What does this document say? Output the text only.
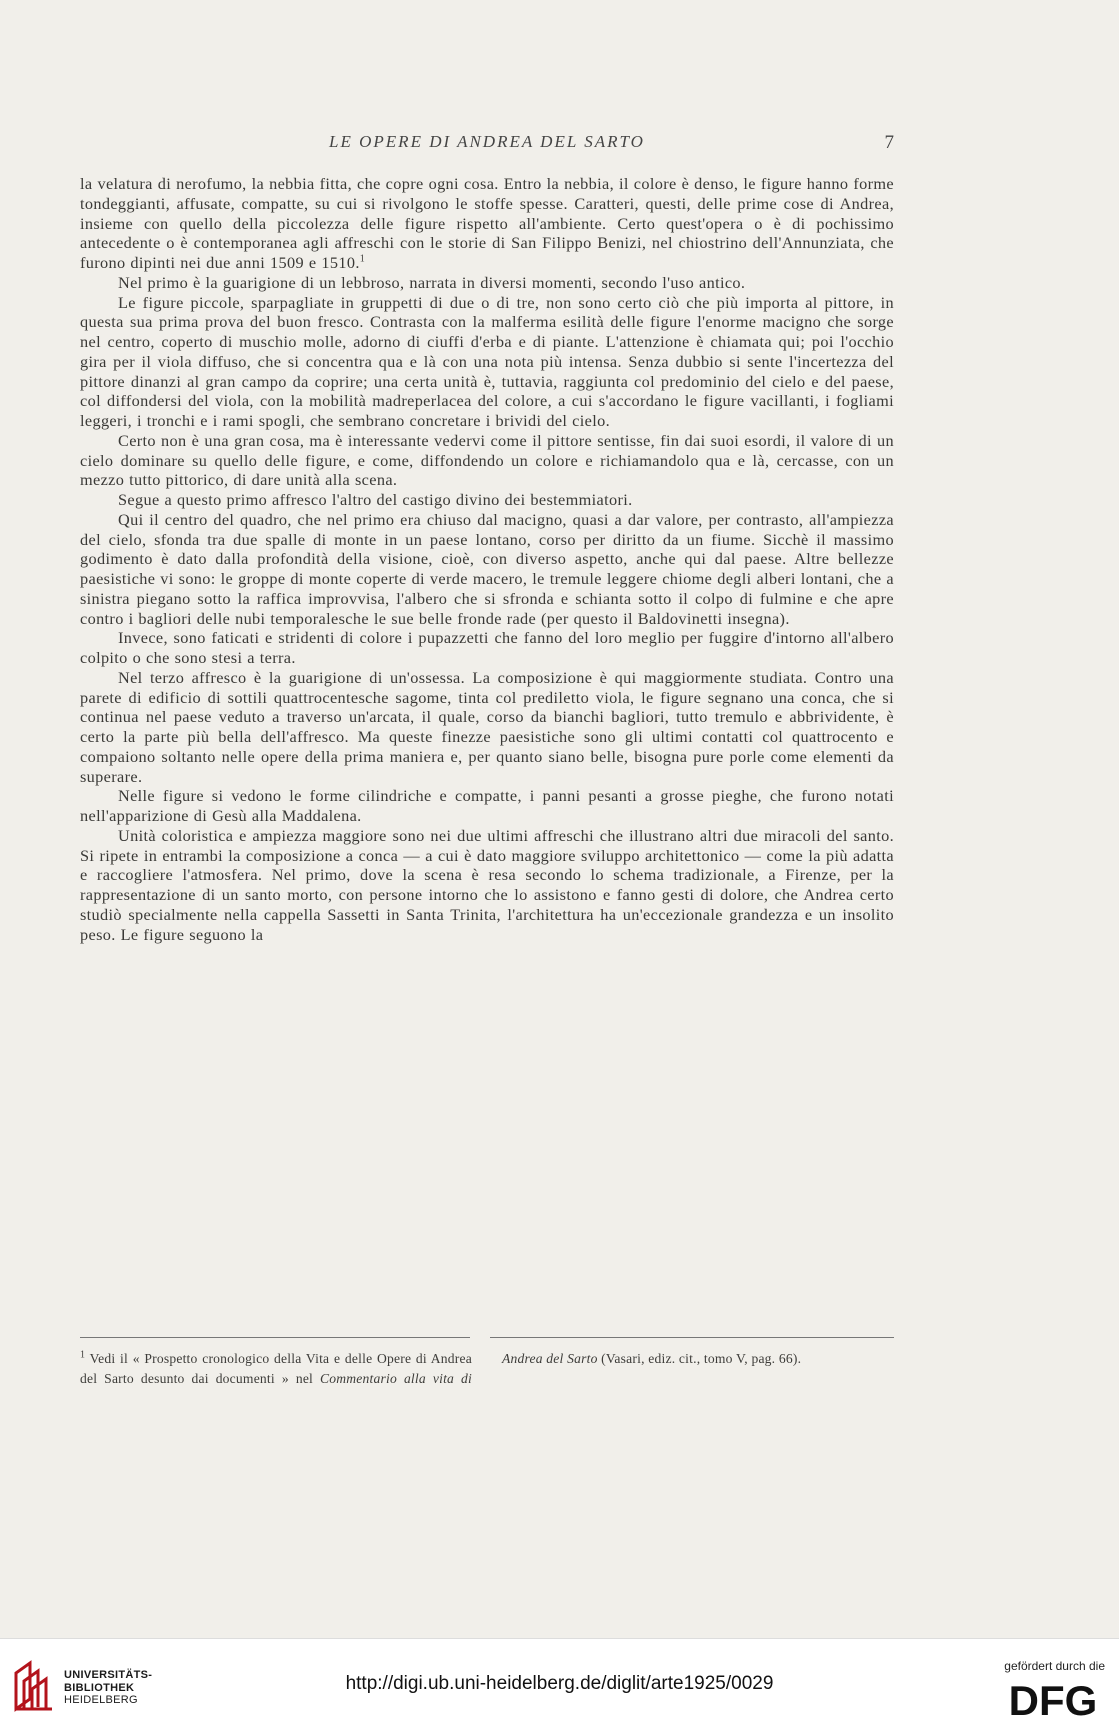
LE OPERE DI ANDREA DEL SARTO	7

la velatura di nerofumo, la nebbia fitta, che copre ogni cosa. Entro la nebbia, il colore è denso, le figure hanno forme tondeggianti, affusate, compatte, su cui si rivolgono le stoffe spesse. Caratteri, questi, delle prime cose di Andrea, insieme con quello della piccolezza delle figure rispetto all'ambiente. Certo quest'opera o è di pochissimo antecedente o è contemporanea agli affreschi con le storie di San Filippo Benizi, nel chiostrino dell'Annunziata, che furono dipinti nei due anni 1509 e 1510.$^1$

Nel primo è la guarigione di un lebbroso, narrata in diversi momenti, secondo l'uso antico.

Le figure piccole, sparpagliate in gruppetti di due o di tre, non sono certo ciò che più importa al pittore, in questa sua prima prova del buon fresco. Contrasta con la malferma esilità delle figure l'enorme macigno che sorge nel centro, coperto di muschio molle, adorno di ciuffi d'erba e di piante. L'attenzione è chiamata qui; poi l'occhio gira per il viola diffuso, che si concentra qua e là con una nota più intensa. Senza dubbio si sente l'incertezza del pittore dinanzi al gran campo da coprire; una certa unità è, tuttavia, raggiunta col predominio del cielo e del paese, col diffondersi del viola, con la mobilità madreperlacea del colore, a cui s'accordano le figure vacillanti, i fogliami leggeri, i tronchi e i rami spogli, che sembrano concretare i brividi del cielo.

Certo non è una gran cosa, ma è interessante vedervi come il pittore sentisse, fin dai suoi esordi, il valore di un cielo dominare su quello delle figure, e come, diffondendo un colore e richiamandolo qua e là, cercasse, con un mezzo tutto pittorico, di dare unità alla scena.

Segue a questo primo affresco l'altro del castigo divino dei bestemmiatori.

Qui il centro del quadro, che nel primo era chiuso dal macigno, quasi a dar valore, per contrasto, all'ampiezza del cielo, sfonda tra due spalle di monte in un paese lontano, corso per diritto da un fiume. Sicchè il massimo godimento è dato dalla profondità della visione, cioè, con diverso aspetto, anche qui dal paese. Altre bellezze paesistiche vi sono: le groppe di monte coperte di verde macero, le tremule leggere chiome degli alberi lontani, che a sinistra piegano sotto la raffica improvvisa, l'albero che si sfronda e schianta sotto il colpo di fulmine e che apre contro i bagliori delle nubi temporalesche le sue belle fronde rade (per questo il Baldovinetti insegna).

Invece, sono faticati e stridenti di colore i pupazzetti che fanno del loro meglio per fuggire d'intorno all'albero colpito o che sono stesi a terra.

Nel terzo affresco è la guarigione di un'ossessa. La composizione è qui maggiormente studiata. Contro una parete di edificio di sottili quattrocentesche sagome, tinta col prediletto viola, le figure segnano una conca, che si continua nel paese veduto a traverso un'arcata, il quale, corso da bianchi bagliori, tutto tremulo e abbrividente, è certo la parte più bella dell'affresco. Ma queste finezze paesistiche sono gli ultimi contatti col quattrocento e compaiono soltanto nelle opere della prima maniera e, per quanto siano belle, bisogna pure porle come elementi da superare.

Nelle figure si vedono le forme cilindriche e compatte, i panni pesanti a grosse pieghe, che furono notati nell'apparizione di Gesù alla Maddalena.

Unità coloristica e ampiezza maggiore sono nei due ultimi affreschi che illustrano altri due miracoli del santo. Si ripete in entrambi la composizione a conca — a cui è dato maggiore sviluppo architettonico — come la più adatta e raccogliere l'atmosfera. Nel primo, dove la scena è resa secondo lo schema tradizionale, a Firenze, per la rappresentazione di un santo morto, con persone intorno che lo assistono e fanno gesti di dolore, che Andrea certo studiò specialmente nella cappella Sassetti in Santa Trinita, l'architettura ha un'eccezionale grandezza e un insolito peso. Le figure seguono la

$^1$ Vedi il « Prospetto cronologico della Vita e delle Opere di Andrea del Sarto desunto dai documenti » nel Commentario alla vita di Andrea del Sarto (Vasari, ediz. cit., tomo V, pag. 66).
UNIVERSITÄTS-
BIBLIOTHEK
HEIDELBERG
http://digi.ub.uni-heidelberg.de/diglit/arte1925/0029
gefördert durch die
DFG
